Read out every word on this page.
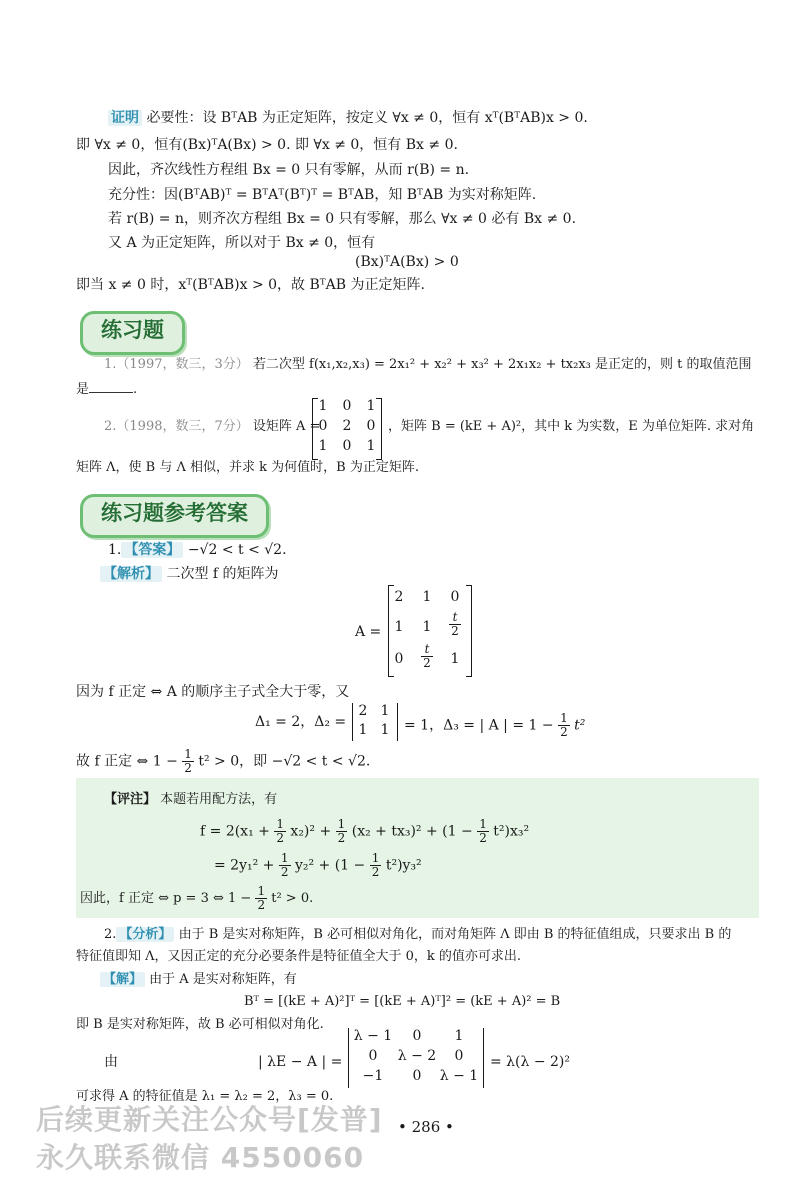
证明 必要性：设 BᵀAB 为正定矩阵，按定义 ∀x ≠ 0，恒有 xᵀ(BᵀAB)x > 0.
即 ∀x ≠ 0，恒有(Bx)ᵀA(Bx) > 0. 即 ∀x ≠ 0，恒有 Bx ≠ 0.
因此，齐次线性方程组 Bx = 0 只有零解，从而 r(B) = n.
充分性：因(BᵀAB)ᵀ = BᵀAᵀ(Bᵀ)ᵀ = BᵀAB，知 BᵀAB 为实对称矩阵.
若 r(B) = n，则齐次方程组 Bx = 0 只有零解，那么 ∀x ≠ 0 必有 Bx ≠ 0.
又 A 为正定矩阵，所以对于 Bx ≠ 0，恒有
(Bx)ᵀA(Bx) > 0
即当 x ≠ 0 时，xᵀ(BᵀAB)x > 0，故 BᵀAB 为正定矩阵.
练习题
1.（1997，数三，3分） 若二次型 f(x₁,x₂,x₃) = 2x₁² + x₂² + x₃² + 2x₁x₂ + tx₂x₃ 是正定的，则 t 的取值范围
是	.
2.（1998，数三，7分） 设矩阵 A =
1	0	1
0	2	0
1	0	1
，矩阵 B = (kE + A)²，其中 k 为实数，E 为单位矩阵. 求对角
矩阵 Λ，使 B 与 Λ 相似，并求 k 为何值时，B 为正定矩阵.
练习题参考答案
1. 【答案】 −√2 < t < √2.
【解析】 二次型 f 的矩阵为
A =
2	1	0
1	1	$\frac{t}{2}$
0	$\frac{t}{2}$	1
因为 f 正定 ⇔ A 的顺序主子式全大于零，又
Δ₁ = 2，Δ₂ =
2 1
1 1	= 1，Δ₃ = | A | = $1 - \frac{1}{2} t^2$
故 f 正定 ⇔ $1 - \frac{1}{2} t^2 > 0$，即 −√2 < t < √2.
【评注】 本题若用配方法，有
$f = 2(x_1 + \frac{1}{2} x_2)^2 + \frac{1}{2} (x_2 + tx_3)^2 + (1 - \frac{1}{2} t^2)x_3^2$
= $2y_1^2 + \frac{1}{2} y_2^2 + (1 - \frac{1}{2} t^2)y_3^2$
因此，f 正定 ⇔ p = 3 ⇔ $1 - \frac{1}{2} t^2 > 0$.
2. 【分析】 由于 B 是实对称矩阵，B 必可相似对角化，而对角矩阵 Λ 即由 B 的特征值组成，只要求出 B 的
特征值即知 Λ，又因正定的充分必要条件是特征值全大于 0，k 的值亦可求出.
【解】 由于 A 是实对称矩阵，有
Bᵀ = [(kE + A)²]ᵀ = [(kE + A)ᵀ]² = (kE + A)² = B
即 B 是实对称矩阵，故 B 必可相似对角化.
由	| λE − A | =
λ − 1	0	1
0	λ − 2	0
−1	0	λ − 1
= λ(λ − 2)²
可求得 A 的特征值是 λ₁ = λ₂ = 2，λ₃ = 0.
• 286 •
后续更新关注公众号[发普]
永久联系微信 4550060
